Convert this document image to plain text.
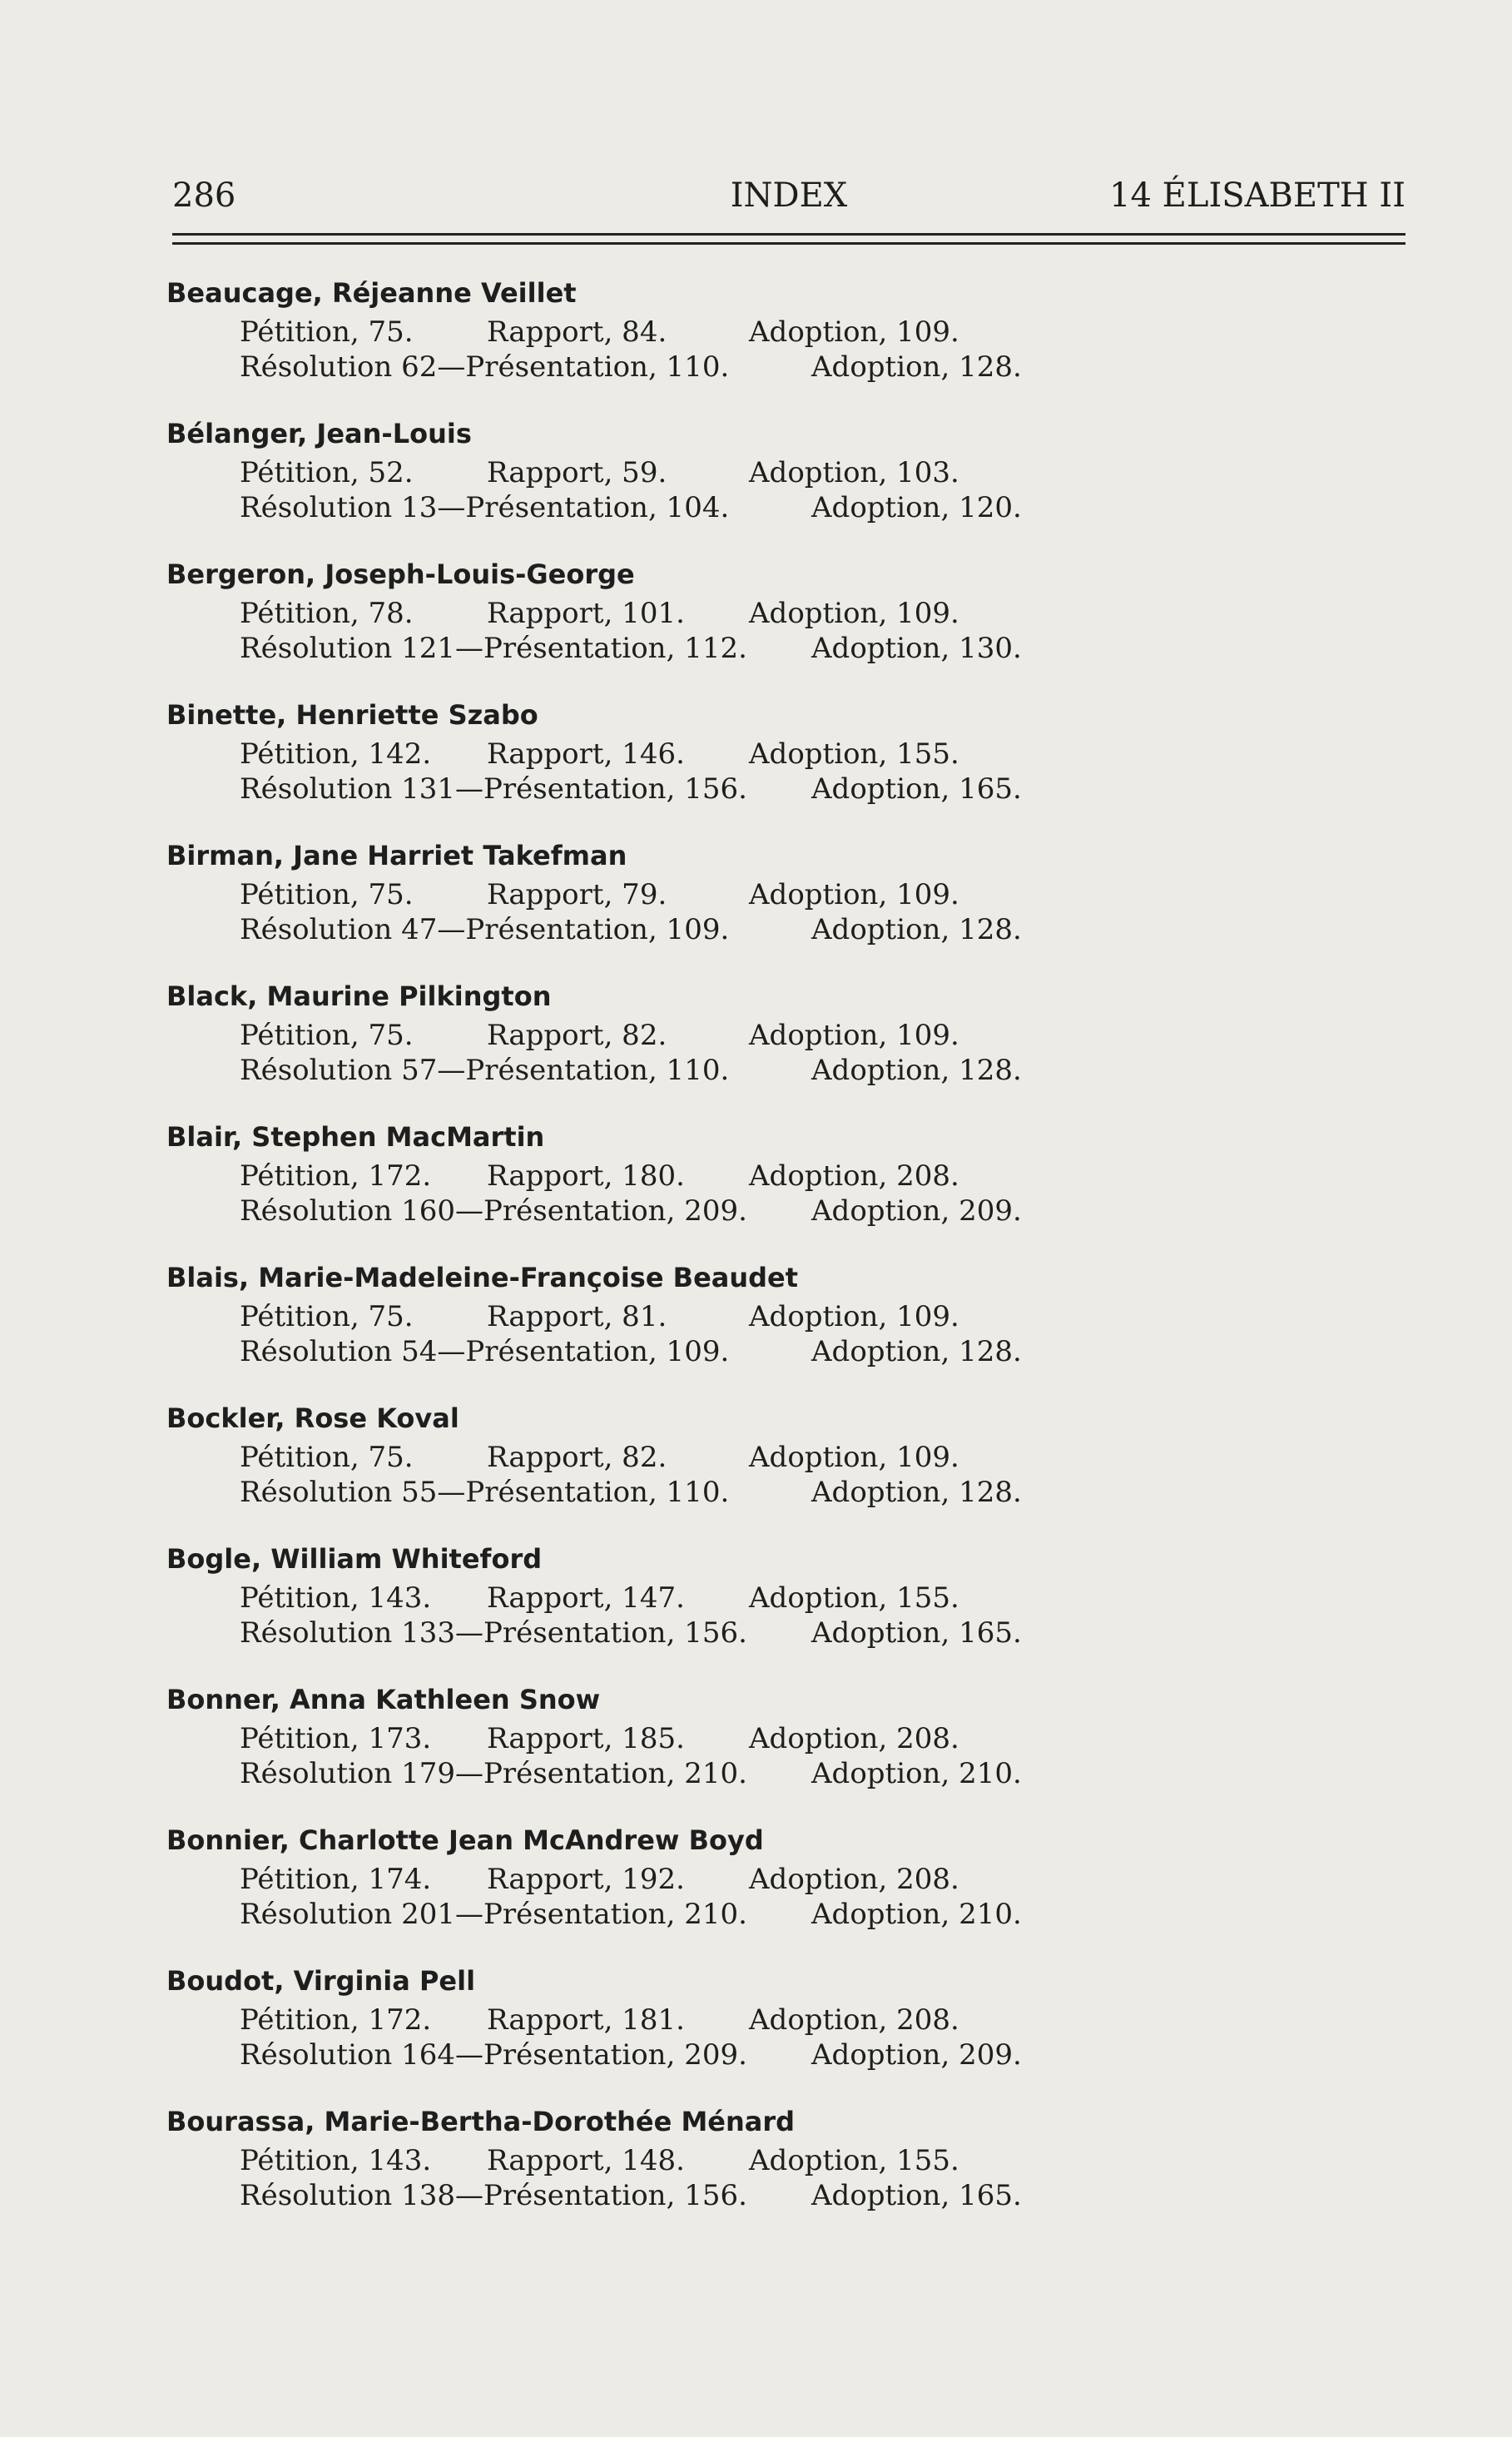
286	INDEX	14 ÉLISABETH II
Beaucage, Réjeanne Veillet
Pétition, 75.	Rapport, 84.	Adoption, 109.
Résolution 62—Présentation, 110.	Adoption, 128.
Bélanger, Jean-Louis
Pétition, 52.	Rapport, 59.	Adoption, 103.
Résolution 13—Présentation, 104.	Adoption, 120.
Bergeron, Joseph-Louis-George
Pétition, 78.	Rapport, 101. Adoption, 109.
Résolution 121—Présentation, 112. Adoption, 130.
Binette, Henriette Szabo
Pétition, 142. Rapport, 146. Adoption, 155.
Résolution 131—Présentation, 156. Adoption, 165.
Birman, Jane Harriet Takefman
Pétition, 75.	Rapport, 79.	Adoption, 109.
Résolution 47—Présentation, 109.	Adoption, 128.
Black, Maurine Pilkington
Pétition, 75.	Rapport, 82.	Adoption, 109.
Résolution 57—Présentation, 110.	Adoption, 128.
Blair, Stephen MacMartin
Pétition, 172. Rapport, 180. Adoption, 208.
Résolution 160—Présentation, 209. Adoption, 209.
Blais, Marie-Madeleine-Françoise Beaudet
Pétition, 75.	Rapport, 81.	Adoption, 109.
Résolution 54—Présentation, 109.	Adoption, 128.
Bockler, Rose Koval
Pétition, 75.	Rapport, 82.	Adoption, 109.
Résolution 55—Présentation, 110.	Adoption, 128.
Bogle, William Whiteford
Pétition, 143. Rapport, 147. Adoption, 155.
Résolution 133—Présentation, 156. Adoption, 165.
Bonner, Anna Kathleen Snow
Pétition, 173. Rapport, 185. Adoption, 208.
Résolution 179—Présentation, 210. Adoption, 210.
Bonnier, Charlotte Jean McAndrew Boyd
Pétition, 174. Rapport, 192. Adoption, 208.
Résolution 201—Présentation, 210. Adoption, 210.
Boudot, Virginia Pell
Pétition, 172. Rapport, 181. Adoption, 208.
Résolution 164—Présentation, 209. Adoption, 209.
Bourassa, Marie-Bertha-Dorothée Ménard
Pétition, 143. Rapport, 148. Adoption, 155.
Résolution 138—Présentation, 156. Adoption, 165.
